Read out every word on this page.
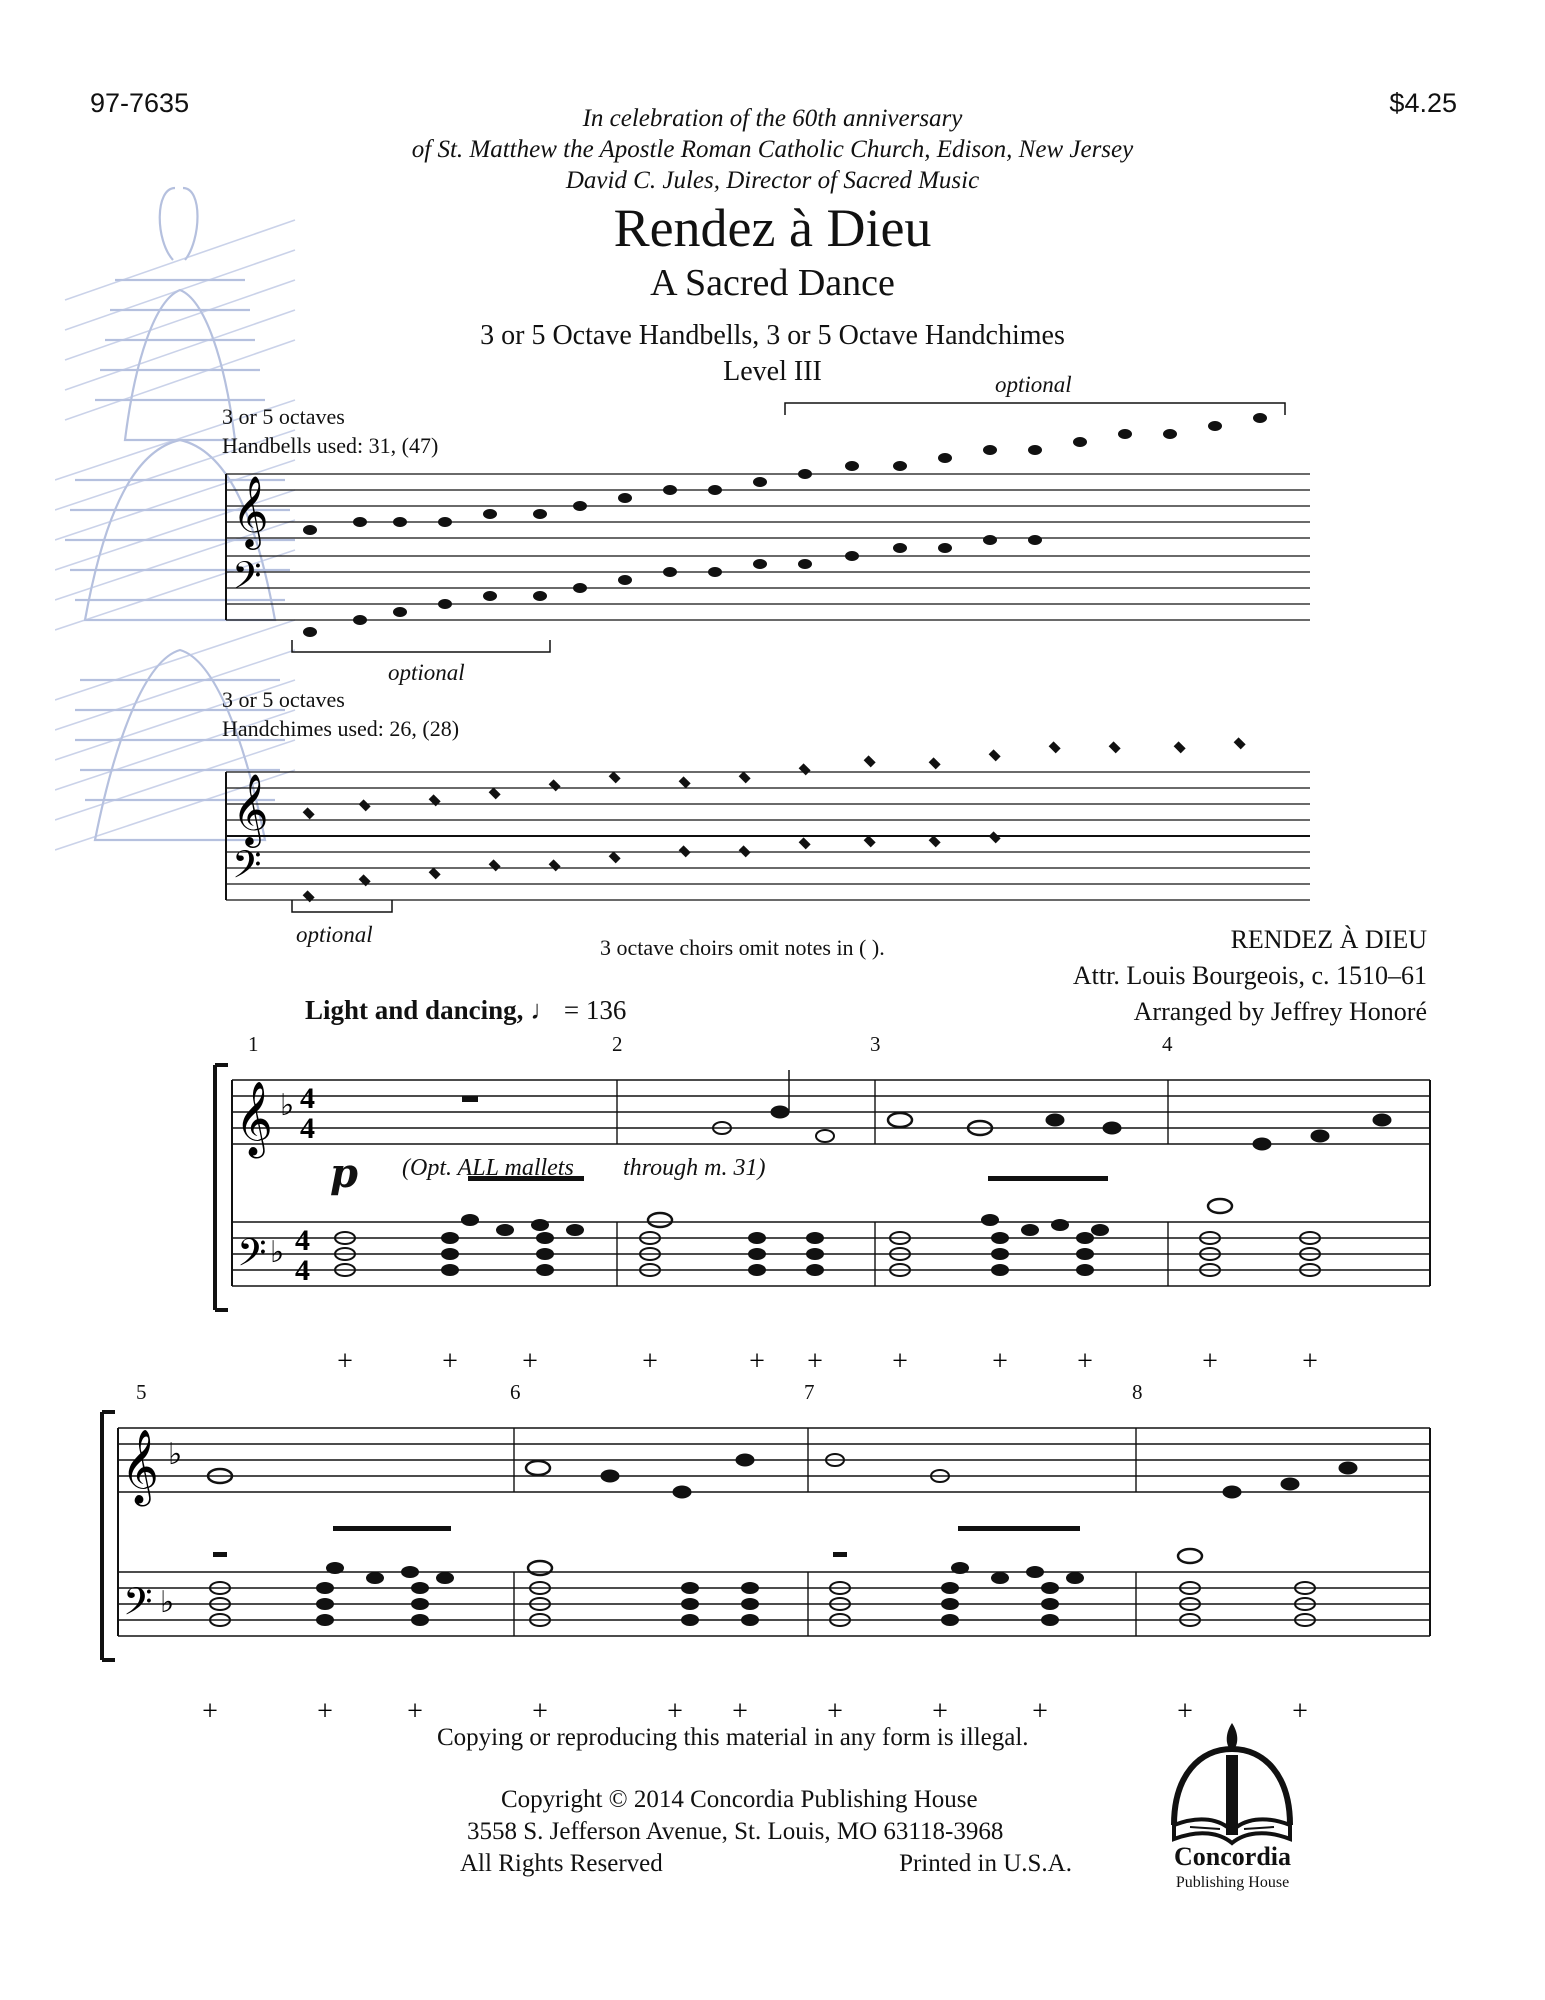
97-7635	$4.25
In celebration of the 60th anniversary
of St. Matthew the Apostle Roman Catholic Church, Edison, New Jersey
David C. Jules, Director of Sacred Music
Rendez à Dieu
A Sacred Dance
3 or 5 Octave Handbells, 3 or 5 Octave Handchimes
Level III
3 or 5 octaves
Handbells used: 31, (47)
optional
optional
𝄞
𝄢
𝄞
𝄢
3 or 5 octaves
Handchimes used: 26, (28)
optional
3 octave choirs omit notes in ( ).	RENDEZ À DIEU
Attr. Louis Bourgeois, c. 1510–61
Arranged by Jeffrey Honoré
Light and dancing, ♩ = 136
𝄞
𝄢
♭
♭
4
4
4
4
+	+ +	+	+ + +	+ +	+	+
1	2	3	4
p (Opt. ALL mallets through m. 31)
𝄞
𝄢
♭
♭
+	+	+	+	+ +	+	+	+	+	+
5	6	7	8
Copying or reproducing this material in any form is illegal.
Copyright © 2014 Concordia Publishing House
3558 S. Jefferson Avenue, St. Louis, MO 63118-3968
All Rights Reserved	Printed in U.S.A.	Concordia
Publishing House
